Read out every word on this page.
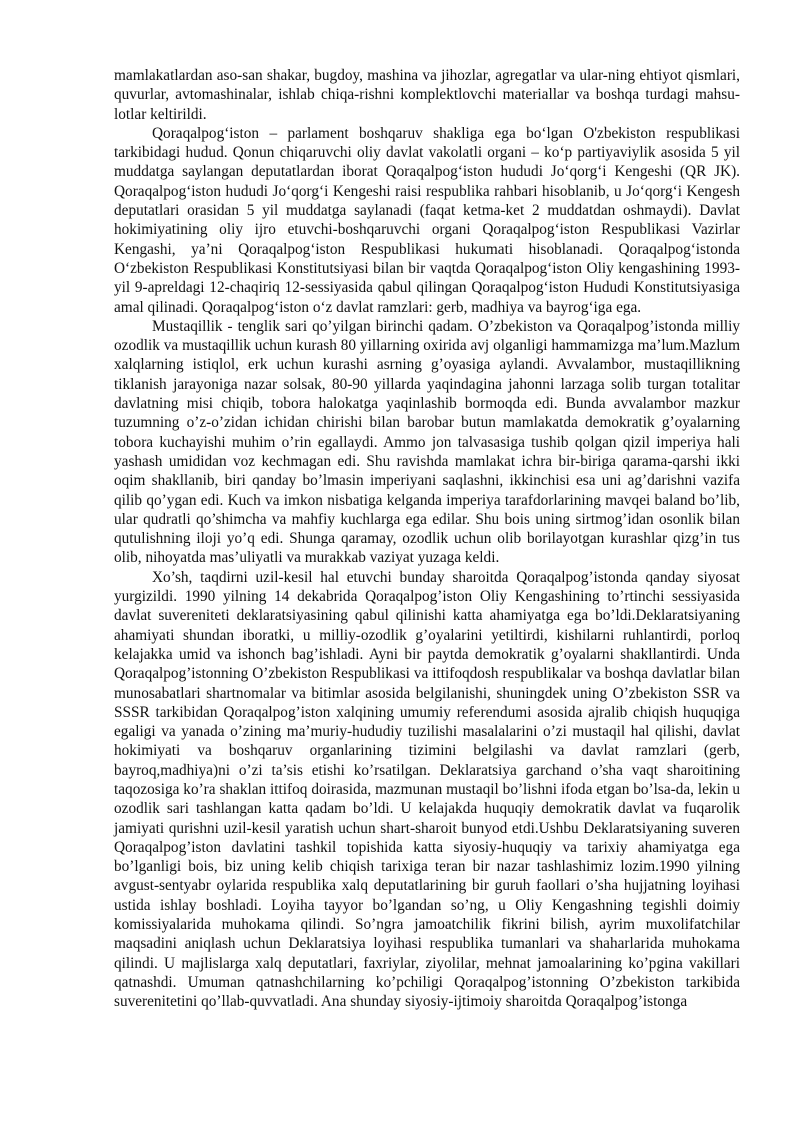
mamlakatlardan aso-san shakar, bugdoy, mashina va jihozlar, agregatlar va ular-ning ehtiyot qismlari, quvurlar, avtomashinalar, ishlab chiqa-rishni komplektlovchi materiallar va boshqa turdagi mahsu-lotlar keltirildi.

Qoraqalpogʻiston – parlament boshqaruv shakliga ega boʻlgan O'zbekiston respublikasi tarkibidagi hudud. Qonun chiqaruvchi oliy davlat vakolatli organi – koʻp partiyaviylik asosida 5 yil muddatga saylangan deputatlardan iborat Qoraqalpogʻiston hududi Joʻqorgʻi Kengeshi (QR JK). Qoraqalpogʻiston hududi Joʻqorgʻi Kengeshi raisi respublika rahbari hisoblanib, u Joʻqorgʻi Kengesh deputatlari orasidan 5 yil muddatga saylanadi (faqat ketma-ket 2 muddatdan oshmaydi). Davlat hokimiyatining oliy ijro etuvchi-boshqaruvchi organi Qoraqalpogʻiston Respublikasi Vazirlar Kengashi, ya’ni Qoraqalpogʻiston Respublikasi hukumati hisoblanadi. Qoraqalpogʻistonda Oʻzbekiston Respublikasi Konstitutsiyasi bilan bir vaqtda Qoraqalpogʻiston Oliy kengashining 1993-yil 9-apreldagi 12-chaqiriq 12-sessiyasida qabul qilingan Qoraqalpogʻiston Hududi Konstitutsiyasiga amal qilinadi. Qoraqalpogʻiston oʻz davlat ramzlari: gerb, madhiya va bayrogʻiga ega.

Mustaqillik - tenglik sari qo’yilgan birinchi qadam. O’zbekiston va Qoraqalpog’istonda milliy ozodlik va mustaqillik uchun kurash 80 yillarning oxirida avj olganligi hammamizga ma’lum.Mazlum xalqlarning istiqlol, erk uchun kurashi asrning g’oyasiga aylandi. Avvalambor, mustaqillikning tiklanish jarayoniga nazar solsak, 80-90 yillarda yaqindagina jahonni larzaga solib turgan totalitar davlatning misi chiqib, tobora halokatga yaqinlashib bormoqda edi. Bunda avvalambor mazkur tuzumning o’z-o’zidan ichidan chirishi bilan barobar butun mamlakatda demokratik g’oyalarning tobora kuchayishi muhim o’rin egallaydi. Ammo jon talvasasiga tushib qolgan qizil imperiya hali yashash umididan voz kechmagan edi. Shu ravishda mamlakat ichra bir-biriga qarama-qarshi ikki oqim shakllanib, biri qanday bo’lmasin imperiyani saqlashni, ikkinchisi esa uni ag’darishni vazifa qilib qo’ygan edi. Kuch va imkon nisbatiga kelganda imperiya tarafdorlarining mavqei baland bo’lib, ular qudratli qo’shimcha va mahfiy kuchlarga ega edilar. Shu bois uning sirtmog’idan osonlik bilan qutulishning iloji yo’q edi. Shunga qaramay, ozodlik uchun olib borilayotgan kurashlar qizg’in tus olib, nihoyatda mas’uliyatli va murakkab vaziyat yuzaga keldi.

Xo’sh, taqdirni uzil-kesil hal etuvchi bunday sharoitda Qoraqalpog’istonda qanday siyosat yurgizildi. 1990 yilning 14 dekabrida Qoraqalpog’iston Oliy Kengashining to’rtinchi sessiyasida davlat suvereniteti deklaratsiyasining qabul qilinishi katta ahamiyatga ega bo’ldi.Deklaratsiyaning ahamiyati shundan iboratki, u milliy-ozodlik g’oyalarini yetiltirdi, kishilarni ruhlantirdi, porloq kelajakka umid va ishonch bag’ishladi. Ayni bir paytda demokratik g’oyalarni shakllantirdi. Unda Qoraqalpog’istonning O’zbekiston Respublikasi va ittifoqdosh respublikalar va boshqa davlatlar bilan munosabatlari shartnomalar va bitimlar asosida belgilanishi, shuningdek uning O’zbekiston SSR va SSSR tarkibidan Qoraqalpog’iston xalqining umumiy referendumi asosida ajralib chiqish huquqiga egaligi va yanada o’zining ma’muriy-hududiy tuzilishi masalalarini o’zi mustaqil hal qilishi, davlat hokimiyati va boshqaruv organlarining tizimini belgilashi va davlat ramzlari (gerb, bayroq,madhiya)ni o’zi ta’sis etishi ko’rsatilgan. Deklaratsiya garchand o’sha vaqt sharoitining taqozosiga ko’ra shaklan ittifoq doirasida, mazmunan mustaqil bo’lishni ifoda etgan bo’lsa-da, lekin u ozodlik sari tashlangan katta qadam bo’ldi. U kelajakda huquqiy demokratik davlat va fuqarolik jamiyati qurishni uzil-kesil yaratish uchun shart-sharoit bunyod etdi.Ushbu Deklaratsiyaning suveren Qoraqalpog’iston davlatini tashkil topishida katta siyosiy-huquqiy va tarixiy ahamiyatga ega bo’lganligi bois, biz uning kelib chiqish tarixiga teran bir nazar tashlashimiz lozim.1990 yilning avgust-sentyabr oylarida respublika xalq deputatlarining bir guruh faollari o’sha hujjatning loyihasi ustida ishlay boshladi. Loyiha tayyor bo’lgandan so’ng, u Oliy Kengashning tegishli doimiy komissiyalarida muhokama qilindi. So’ngra jamoatchilik fikrini bilish, ayrim muxolifatchilar maqsadini aniqlash uchun Deklaratsiya loyihasi respublika tumanlari va shaharlarida muhokama qilindi. U majlislarga xalq deputatlari, faxriylar, ziyolilar, mehnat jamoalarining ko’pgina vakillari qatnashdi. Umuman qatnashchilarning ko’pchiligi Qoraqalpog’istonning O’zbekiston tarkibida suverenitetini qo’llab-quvvatladi. Ana shunday siyosiy-ijtimoiy sharoitda Qoraqalpog’istonga
